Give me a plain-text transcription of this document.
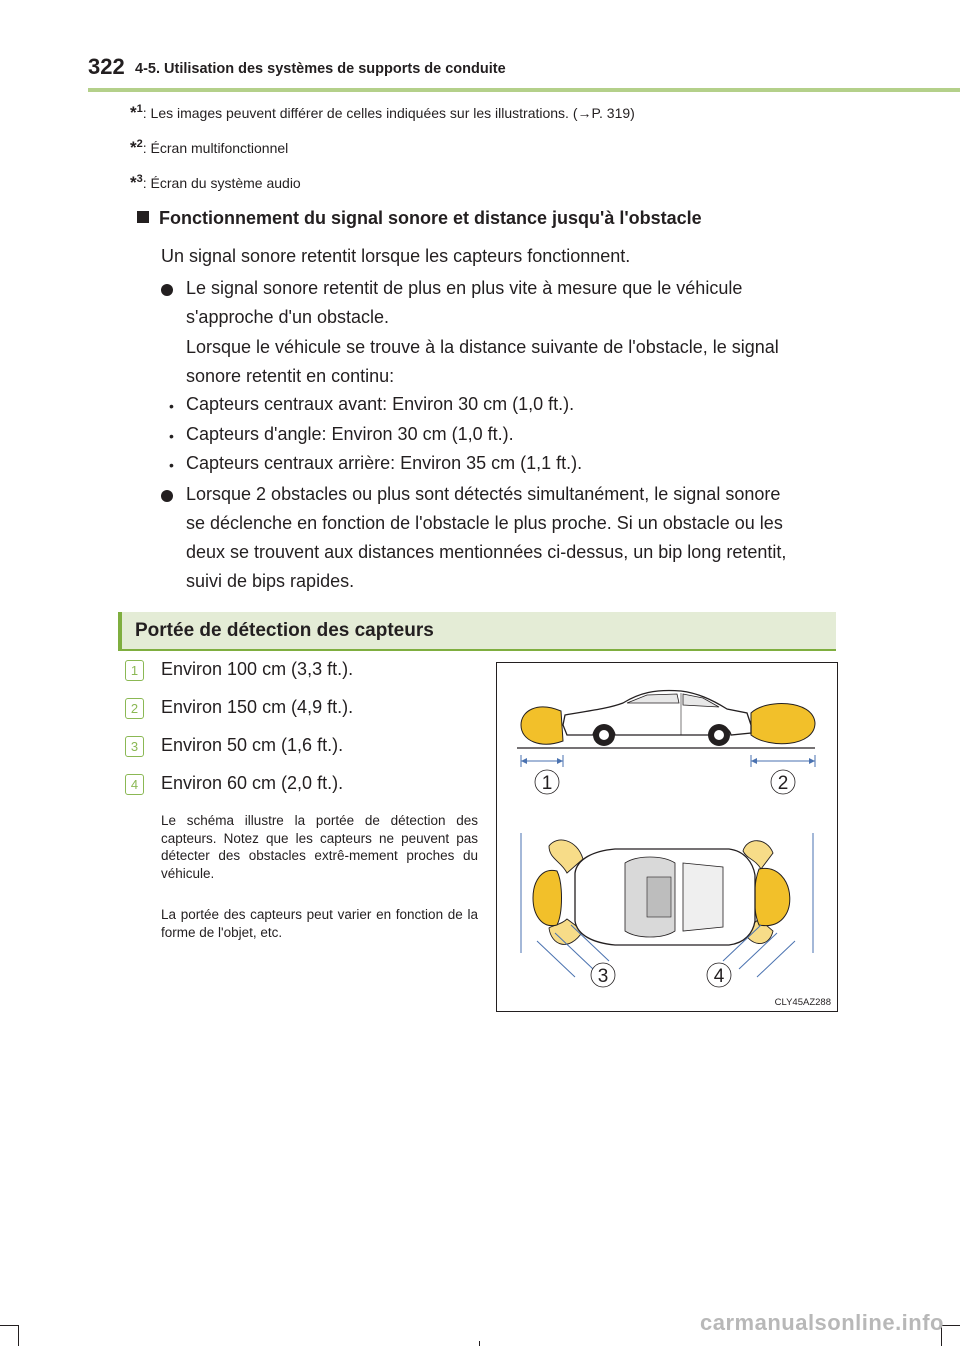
322 4-5. Utilisation des systèmes de supports de conduite
*$^1$: Les images peuvent différer de celles indiquées sur les illustrations. (→P. 319)
*$^2$: Écran multifonctionnel
*$^3$: Écran du système audio
Fonctionnement du signal sonore et distance jusqu'à l'obstacle
Un signal sonore retentit lorsque les capteurs fonctionnent.
Le signal sonore retentit de plus en plus vite à mesure que le véhicule
s'approche d'un obstacle.
Lorsque le véhicule se trouve à la distance suivante de l'obstacle, le signal
sonore retentit en continu:
• Capteurs centraux avant: Environ 30 cm (1,0 ft.).
• Capteurs d'angle: Environ 30 cm (1,0 ft.).
• Capteurs centraux arrière: Environ 35 cm (1,1 ft.).
Lorsque 2 obstacles ou plus sont détectés simultanément, le signal sonore
se déclenche en fonction de l'obstacle le plus proche. Si un obstacle ou les
deux se trouvent aux distances mentionnées ci-dessus, un bip long retentit,
suivi de bips rapides.
Portée de détection des capteurs
1	Environ 100 cm (3,3 ft.).
2	Environ 150 cm (4,9 ft.).
3	Environ 50 cm (1,6 ft.).
4	Environ 60 cm (2,0 ft.).
Le schéma illustre la portée de détection des capteurs. Notez que les capteurs ne peuvent pas détecter des obstacles extrê-mement proches du véhicule.
La portée des capteurs peut varier en fonction de la forme de l'objet, etc.
1	2
3	4
CLY45AZ288
carmanualsonline.info
